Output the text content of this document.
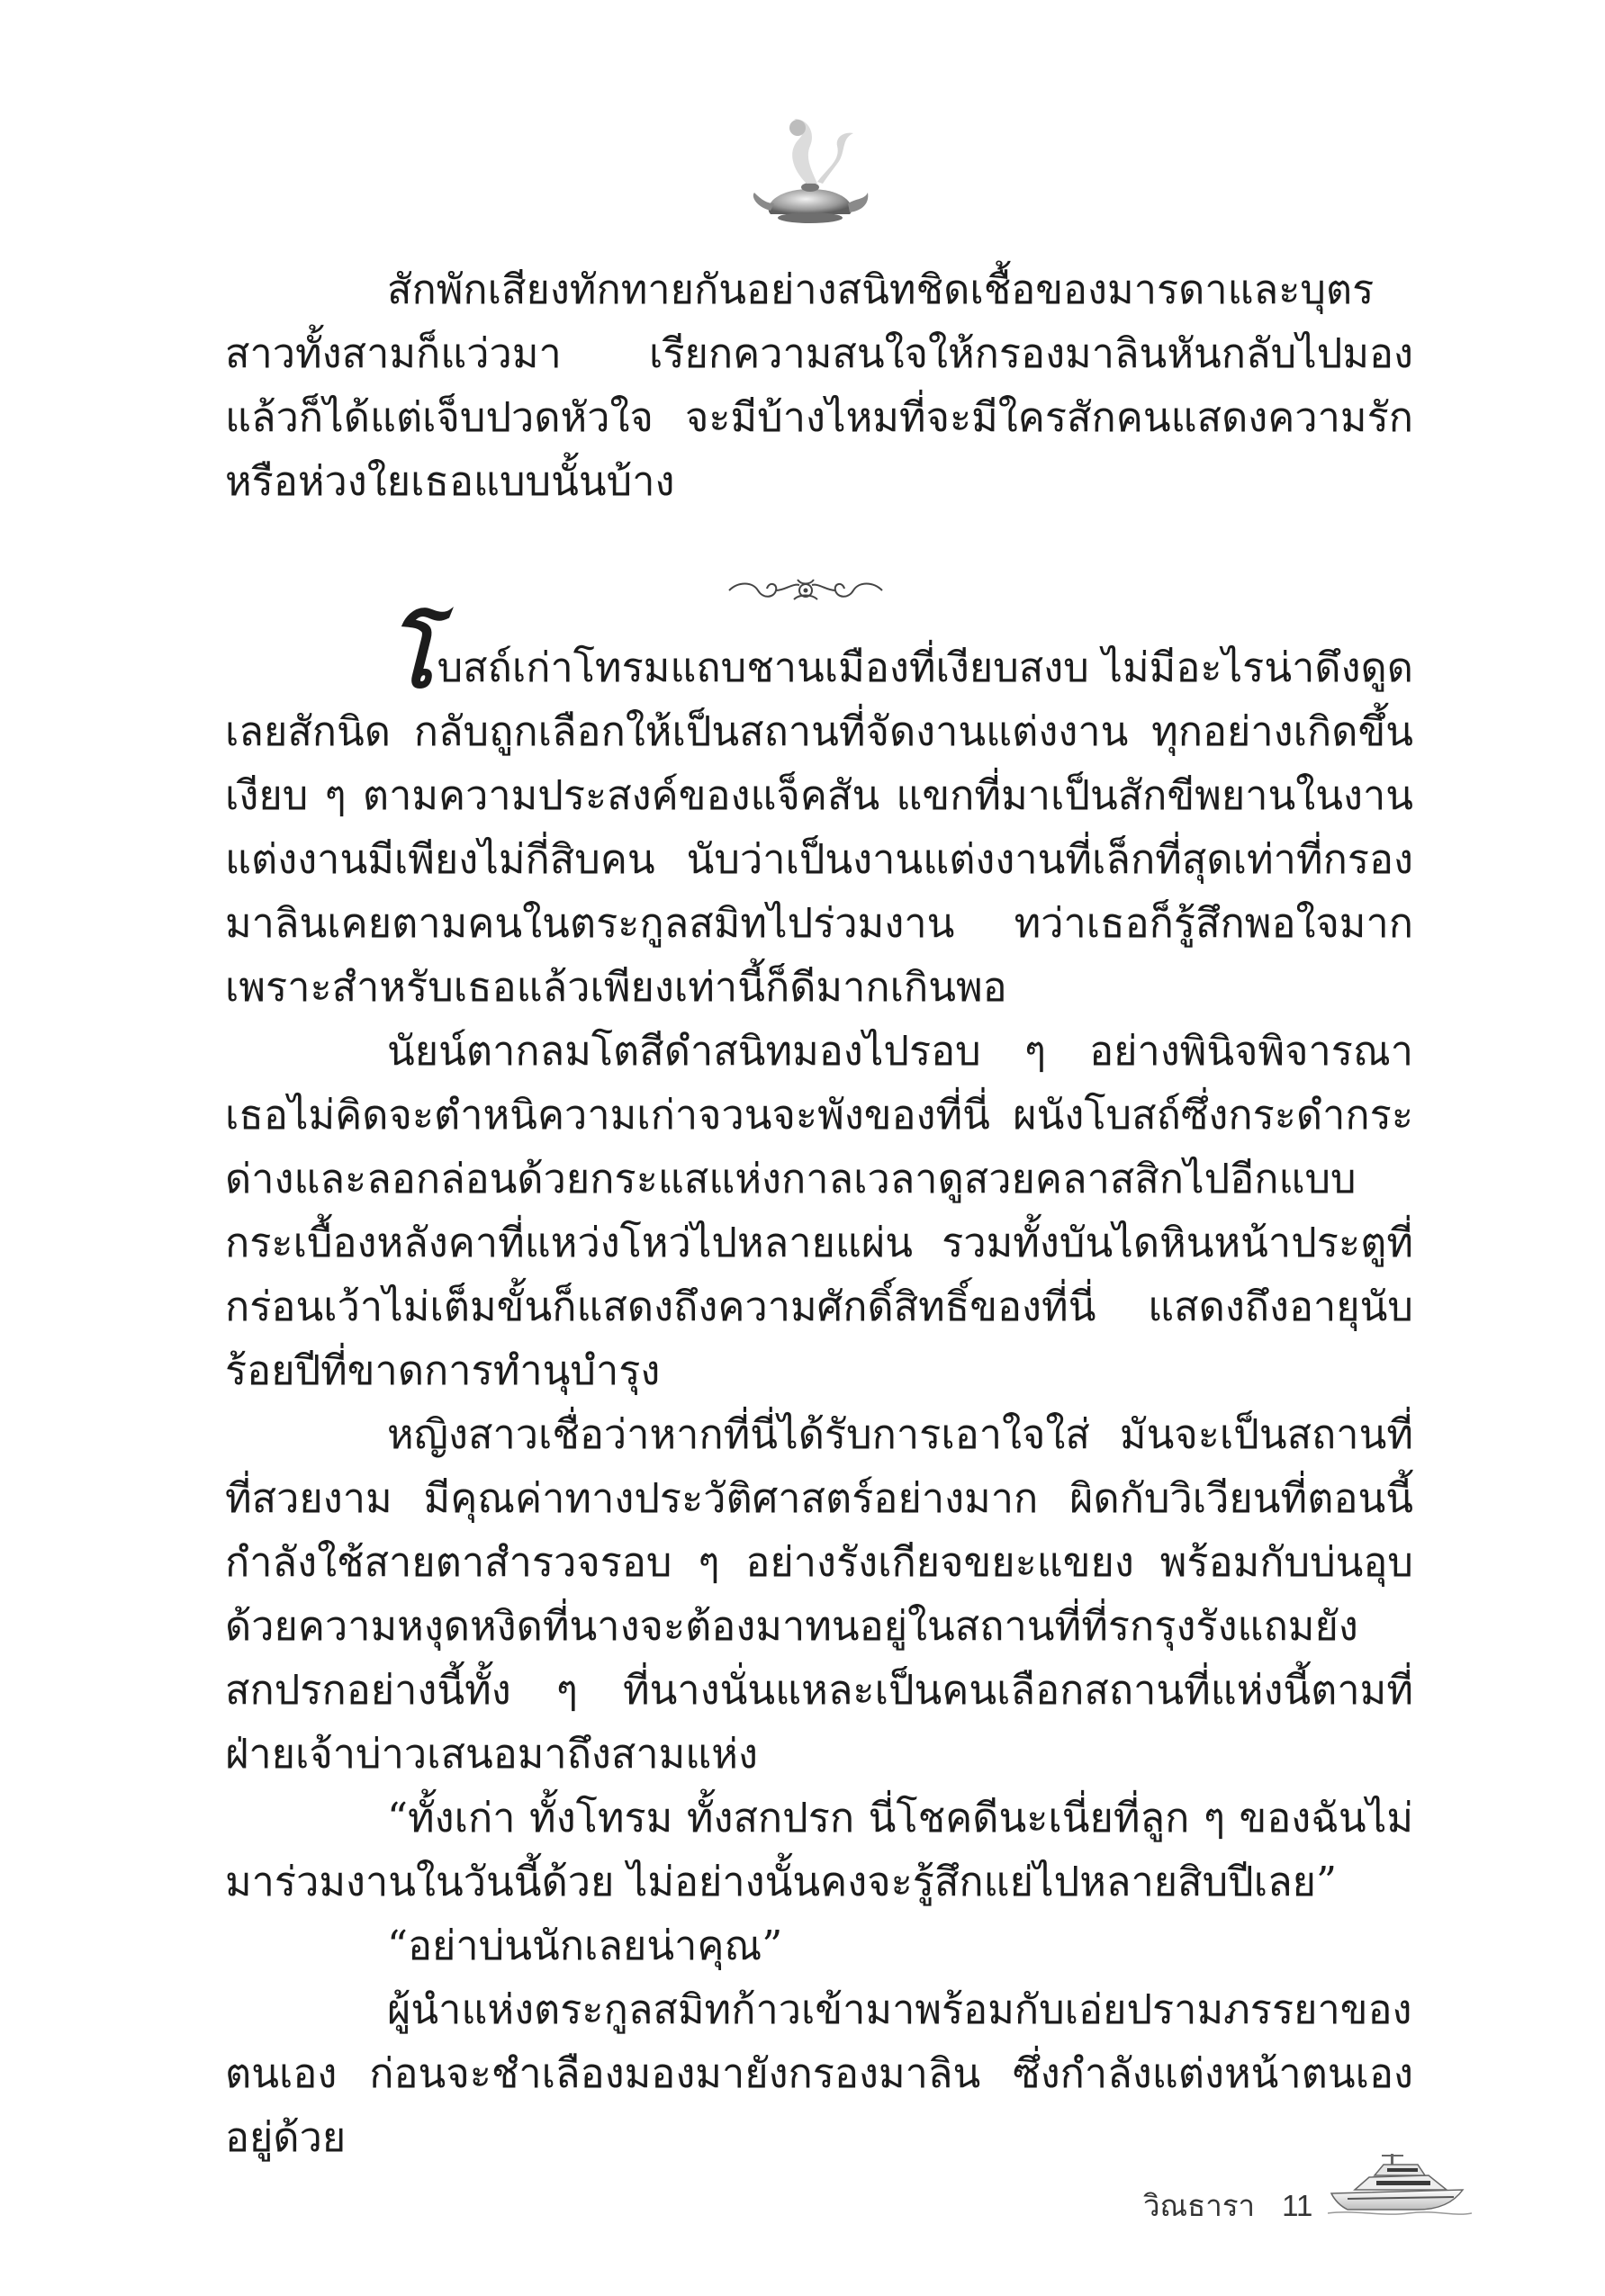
สักพักเสียงทักทายกันอย่างสนิทชิดเชื้อของมารดาและบุตรสาวทั้งสามก็แว่วมา เรียกความสนใจให้กรองมาลินหันกลับไปมอง แล้วก็ได้แต่เจ็บปวดหัวใจ จะมีบ้างไหมที่จะมีใครสักคนแสดงความรักหรือห่วงใยเธอแบบนั้นบ้าง

โบสถ์เก่าโทรมแถบชานเมืองที่เงียบสงบ ไม่มีอะไรน่าดึงดูดเลยสักนิด กลับถูกเลือกให้เป็นสถานที่จัดงานแต่งงาน ทุกอย่างเกิดขึ้นเงียบ ๆ ตามความประสงค์ของแจ็คสัน แขกที่มาเป็นสักขีพยานในงานแต่งงานมีเพียงไม่กี่สิบคน นับว่าเป็นงานแต่งงานที่เล็กที่สุดเท่าที่กรองมาลินเคยตามคนในตระกูลสมิทไปร่วมงาน ทว่าเธอก็รู้สึกพอใจมาก เพราะสำหรับเธอแล้วเพียงเท่านี้ก็ดีมากเกินพอ

นัยน์ตากลมโตสีดำสนิทมองไปรอบ ๆ อย่างพินิจพิจารณา เธอไม่คิดจะตำหนิความเก่าจวนจะพังของที่นี่ ผนังโบสถ์ซึ่งกระดำกระด่างและลอกล่อนด้วยกระแสแห่งกาลเวลาดูสวยคลาสสิกไปอีกแบบ กระเบื้องหลังคาที่แหว่งโหว่ไปหลายแผ่น รวมทั้งบันไดหินหน้าประตูที่กร่อนเว้าไม่เต็มขั้นก็แสดงถึงความศักดิ์สิทธิ์ของที่นี่ แสดงถึงอายุนับร้อยปีที่ขาดการทำนุบำรุง

หญิงสาวเชื่อว่าหากที่นี่ได้รับการเอาใจใส่ มันจะเป็นสถานที่ที่สวยงาม มีคุณค่าทางประวัติศาสตร์อย่างมาก ผิดกับวิเวียนที่ตอนนี้กำลังใช้สายตาสำรวจรอบ ๆ อย่างรังเกียจขยะแขยง พร้อมกับบ่นอุบด้วยความหงุดหงิดที่นางจะต้องมาทนอยู่ในสถานที่ที่รกรุงรังแถมยังสกปรกอย่างนี้ทั้ง ๆ ที่นางนั่นแหละเป็นคนเลือกสถานที่แห่งนี้ตามที่ฝ่ายเจ้าบ่าวเสนอมาถึงสามแห่ง

“ทั้งเก่า ทั้งโทรม ทั้งสกปรก นี่โชคดีนะเนี่ยที่ลูก ๆ ของฉันไม่มาร่วมงานในวันนี้ด้วย ไม่อย่างนั้นคงจะรู้สึกแย่ไปหลายสิบปีเลย”

“อย่าบ่นนักเลยน่าคุณ”

ผู้นำแห่งตระกูลสมิทก้าวเข้ามาพร้อมกับเอ่ยปรามภรรยาของตนเอง ก่อนจะชำเลืองมองมายังกรองมาลิน ซึ่งกำลังแต่งหน้าตนเองอยู่ด้วย

วิณธารา 11
